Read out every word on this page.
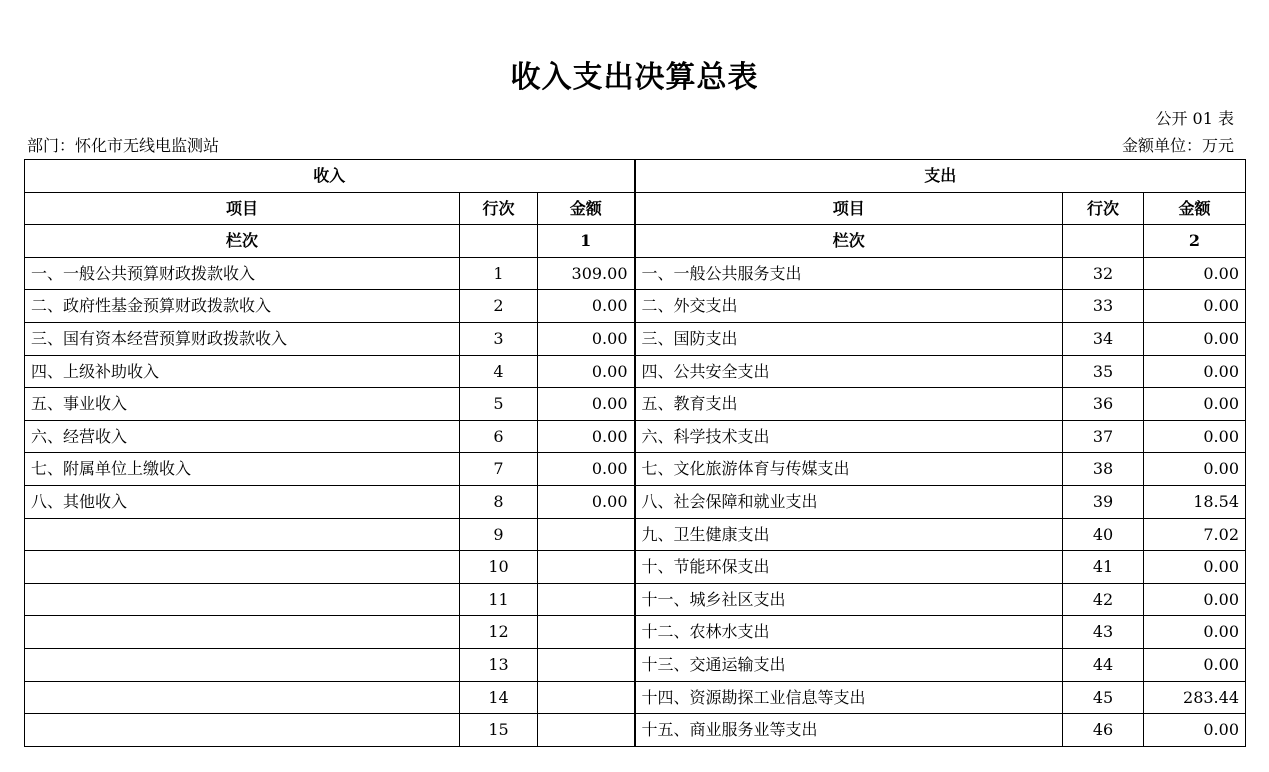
收入支出决算总表
公开 01 表
部门：怀化市无线电监测站	金额单位：万元
收入			支出		
项目	行次	金额	项目	行次	金额
栏次		1	栏次		2
一、一般公共预算财政拨款收入	1	309.00	一、一般公共服务支出	32	0.00
二、政府性基金预算财政拨款收入	2	0.00	二、外交支出	33	0.00
三、国有资本经营预算财政拨款收入	3	0.00	三、国防支出	34	0.00
四、上级补助收入	4	0.00	四、公共安全支出	35	0.00
五、事业收入	5	0.00	五、教育支出	36	0.00
六、经营收入	6	0.00	六、科学技术支出	37	0.00
七、附属单位上缴收入	7	0.00	七、文化旅游体育与传媒支出	38	0.00
八、其他收入	8	0.00	八、社会保障和就业支出	39	18.54
	9		九、卫生健康支出	40	7.02
	10		十、节能环保支出	41	0.00
	11		十一、城乡社区支出	42	0.00
	12		十二、农林水支出	43	0.00
	13		十三、交通运输支出	44	0.00
	14		十四、资源勘探工业信息等支出	45	283.44
	15		十五、商业服务业等支出	46	0.00
